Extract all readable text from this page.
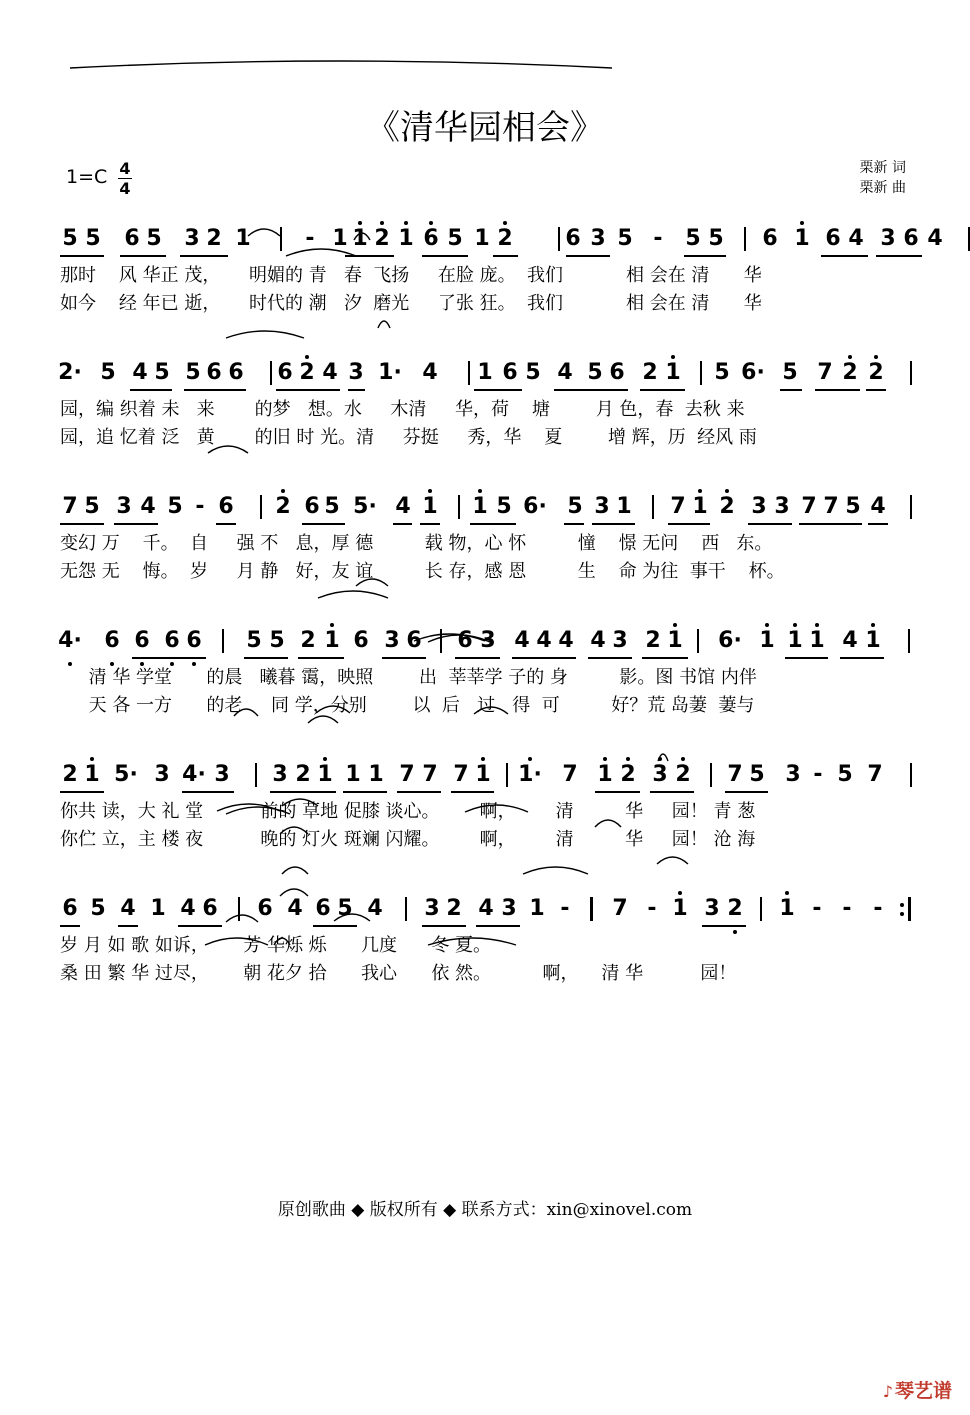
《清华园相会》
1=C 4
4
栗新 词
栗新 曲
5 5 6 5 3 2 1 - 1 1 2 1 6 5 1 2 6 3 5 - 5 5 6 1 6 4 3 6 4
那时    风 华正 茂，     明媚的 青   春  飞扬     在脸 庞。  我们           相 会在 清      华
如今    经 年已 逝，     时代的 潮   汐  磨光     了张 狂。  我们           相 会在 清      华
2· 5 4 5 5 6 6 6 2 4 3 1· 4 1 6 5 4 5 6 2 1 5 6· 5 7 2 2
园，编 织着 未   来       的梦   想。水     木清     华，荷    塘        月 色，春  去秋 来
园，追 忆着 泛   黄       的旧 时 光。清     芬挺     秀，华    夏        增 辉，历  经风 雨
7 5 3 4 5 - 6 2 6 5 5· 4 1 1 5 6· 5 3 1 7 1 2 3 3 7 7 5 4
变幻 万    千。  自     强 不   息，厚 德         载 物，心 怀         憧    憬 无问    西   东。
无怨 无    悔。  岁     月 静   好，友 谊         长 存，感 恩         生    命 为往  事干    杯。
4· 6 6 6 6 5 5 2 1 6 3 6 6 3 4 4 4 4 3 2 1 6· 1 1 1 4 1
清 华 学堂      的晨   曦暮 霭，映照        出  莘莘学 子的 身         影。图 书馆 内伴
天 各 一方      的老     同 学，分别        以  后   过   得  可         好？荒 岛萋  萋与
2 1 5· 3 4· 3 3 2 1 1 1 7 7 7 1 1· 7 1 2 3 2 7 5 3 - 5 7
你共 读，大 礼 堂          前的 草地 促膝 谈心。       啊，       清         华     园！ 青 葱
你伫 立，主 楼 夜          晚的 灯火 斑斓 闪耀。       啊，       清         华     园！ 沧 海
6 5 4 1 4 6 6 4 6 5 4 3 2 4 3 1 - 7 - 1 3 2 1 - - -
岁 月 如 歌 如诉，      芳 华烁 烁      几度      冬 夏。
桑 田 繁 华 过尽，      朝 花夕 拾      我心      依 然。         啊，    清 华          园！
原创歌曲 ◆ 版权所有 ◆ 联系方式：xin@xinovel.com
♪ 琴艺谱
